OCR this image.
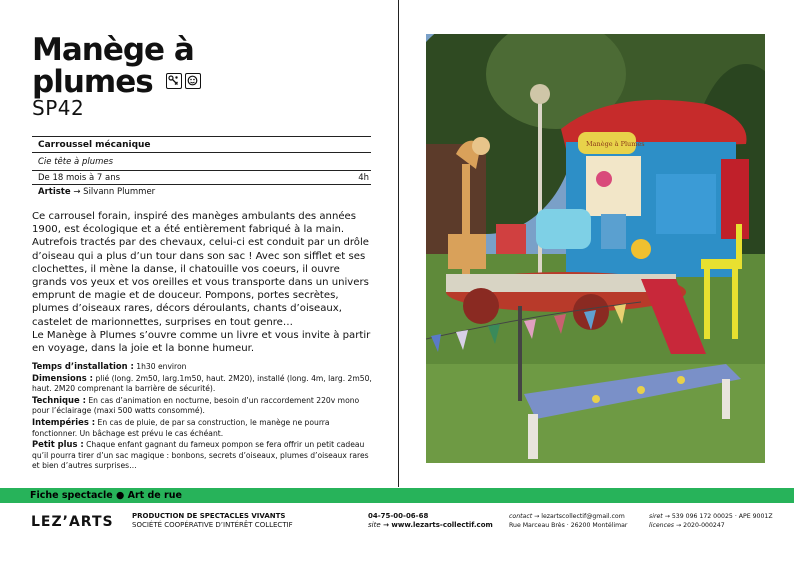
Manège à
plumes
SP42
Carroussel mécanique
Cie tête à plumes
De 18 mois à 7 ans	4h
Artiste → Silvann Plummer

Ce carrousel forain, inspiré des manèges ambulants des années 1900, est écologique et a été entièrement fabriqué à la main. Autrefois tractés par des chevaux, celui-ci est conduit par un drôle d’oiseau qui a plus d’un tour dans son sac ! Avec son sifflet et ses clochettes, il mène la danse, il chatouille vos coeurs, il ouvre grands vos yeux et vos oreilles et vous transporte dans un univers emprunt de magie et de douceur. Pompons, portes secrètes, plumes d’oiseaux rares, décors déroulants, chants d’oiseaux, castelet de marionnettes, surprises en tout genre…

Le Manège à Plumes s’ouvre comme un livre et vous invite à partir en voyage, dans la joie et la bonne humeur.

Temps d’installation : 1h30 environ
Dimensions : plié (long. 2m50, larg.1m50, haut. 2M20), installé (long. 4m, larg. 2m50, haut. 2M20 comprenant la barrière de sécurité).
Technique : En cas d’animation en nocturne, besoin d’un raccordement 220v mono pour l’éclairage (maxi 500 watts consommé).
Intempéries : En cas de pluie, de par sa construction, le manège ne pourra fonctionner. Un bâchage est prévu le cas échéant.
Petit plus : Chaque enfant gagnant du fameux pompon se fera offrir un petit cadeau qu’il pourra tirer d’un sac magique : bonbons, secrets d’oiseaux, plumes d’oiseaux rares et bien d’autres surprises…
Manège à Plumes
Fiche spectacle ● Art de rue
LEZ’ARTS	PRODUCTION DE SPECTACLES VIVANTS
SOCIÉTÉ COOPÉRATIVE D’INTÉRÊT COLLECTIF
04-75-00-06-68
site → www.lezarts-collectif.com
contact → lezartscollectif@gmail.com
Rue Marceau Brès · 26200 Montélimar
siret → 539 096 172 00025 · APE 9001Z
licences → 2020-000247
